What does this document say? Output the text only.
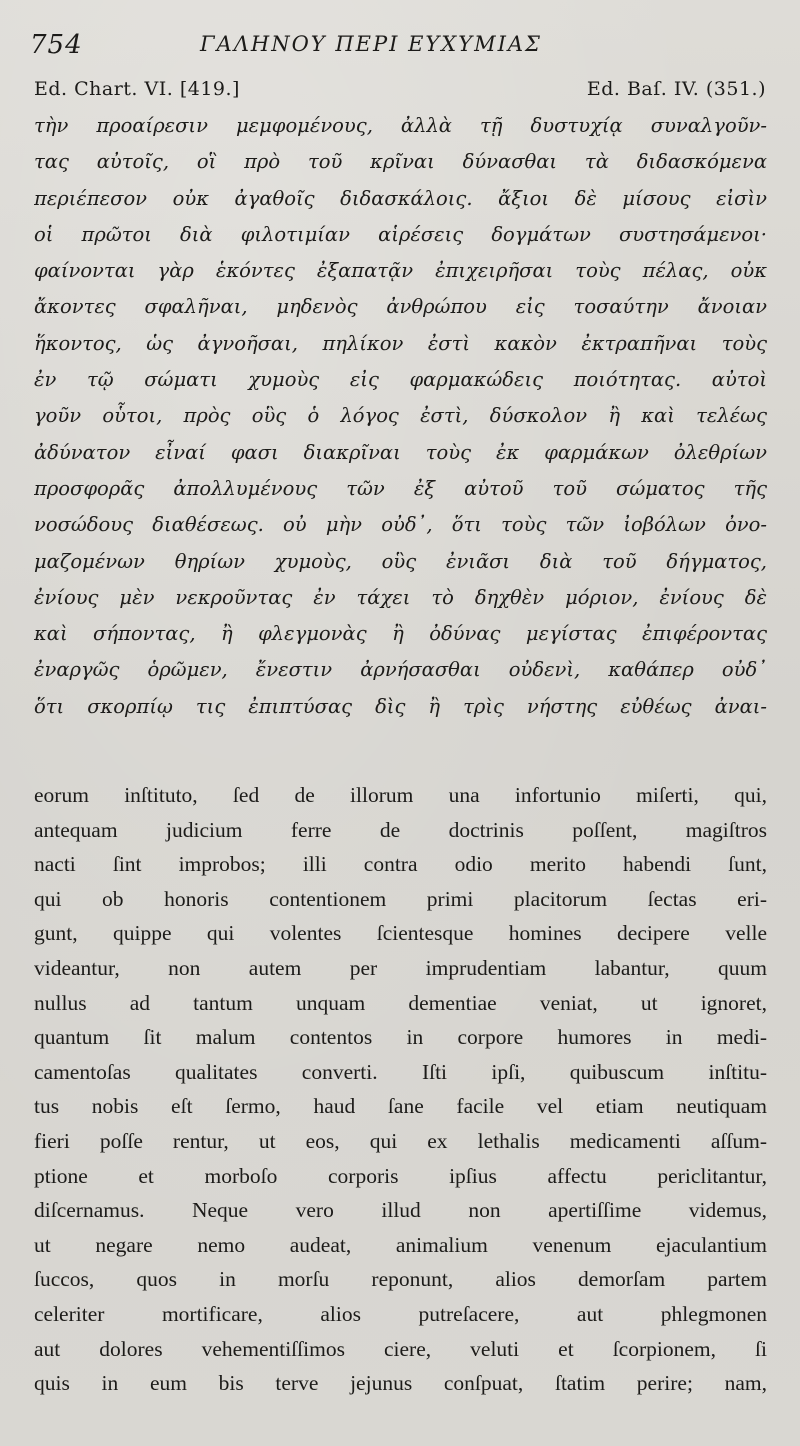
754	ΓΑΛΗΝΟΥ ΠΕΡΙ ΕΥΧΥΜΙΑΣ
Ed. Chart. VI. [419.]	Ed. Baſ. IV. (351.)
τὴν προαίρεσιν μεμφομένους, ἀλλὰ τῇ δυστυχίᾳ συναλγοῦν-
τας αὐτοῖς, οἳ πρὸ τοῦ κρῖναι δύνασθαι τὰ διδασκόμενα
περιέπεσον οὐκ ἀγαθοῖς διδασκάλοις. ἄξιοι δὲ μίσους εἰσὶν
οἱ πρῶτοι διὰ φιλοτιμίαν αἱρέσεις δογμάτων συστησάμενοι·
φαίνονται γὰρ ἑκόντες ἐξαπατᾷν ἐπιχειρῆσαι τοὺς πέλας, οὐκ
ἄκοντες σφαλῆναι, μηδενὸς ἀνθρώπου εἰς τοσαύτην ἄνοιαν
ἥκοντος, ὡς ἀγνοῆσαι, πηλίκον ἐστὶ κακὸν ἐκτραπῆναι τοὺς
ἐν τῷ σώματι χυμοὺς εἰς φαρμακώδεις ποιότητας. αὐτοὶ
γοῦν οὗτοι, πρὸς οὓς ὁ λόγος ἐστὶ, δύσκολον ἢ καὶ τελέως
ἀδύνατον εἶναί φασι διακρῖναι τοὺς ἐκ φαρμάκων ὀλεθρίων
προσφορᾶς ἀπολλυμένους τῶν ἐξ αὐτοῦ τοῦ σώματος τῆς
νοσώδους διαθέσεως. οὐ μὴν οὐδ᾽, ὅτι τοὺς τῶν ἰοβόλων ὀνο-
μαζομένων θηρίων χυμοὺς, οὓς ἐνιᾶσι διὰ τοῦ δήγματος,
ἐνίους μὲν νεκροῦντας ἐν τάχει τὸ δηχθὲν μόριον, ἐνίους δὲ
καὶ σήποντας, ἢ φλεγμονὰς ἢ ὀδύνας μεγίστας ἐπιφέροντας
ἐναργῶς ὁρῶμεν, ἔνεστιν ἀρνήσασθαι οὐδενὶ, καθάπερ οὐδ᾽
ὅτι σκορπίῳ τις ἐπιπτύσας δὶς ἢ τρὶς νήστης εὐθέως ἀναι-
eorum inſtituto, ſed de illorum una infortunio miſerti, qui,
antequam judicium ferre de doctrinis poſſent, magiſtros
nacti ſint improbos; illi contra odio merito habendi ſunt,
qui ob honoris contentionem primi placitorum ſectas eri-
gunt, quippe qui volentes ſcientesque homines decipere velle
videantur, non autem per imprudentiam labantur, quum
nullus ad tantum unquam dementiae veniat, ut ignoret,
quantum ſit malum contentos in corpore humores in medi-
camentoſas qualitates converti. Iſti ipſi, quibuscum inſtitu-
tus nobis eſt ſermo, haud ſane facile vel etiam neutiquam
fieri poſſe rentur, ut eos, qui ex lethalis medicamenti aſſum-
ptione et morboſo corporis ipſius affectu periclitantur,
diſcernamus. Neque vero illud non apertiſſime videmus,
ut negare nemo audeat, animalium venenum ejaculantium
ſuccos, quos in morſu reponunt, alios demorſam partem
celeriter mortificare, alios putreſacere, aut phlegmonen
aut dolores vehementiſſimos ciere, veluti et ſcorpionem, ſi
quis in eum bis terve jejunus conſpuat, ſtatim perire; nam,
